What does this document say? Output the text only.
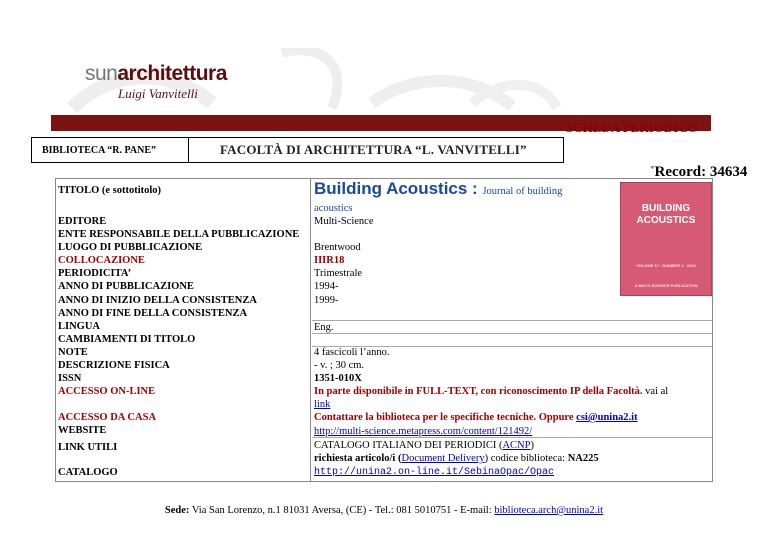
sunarchitettura
Luigi Vanvitelli
SCHEDA PERIODICO
BIBLIOTECA “R. PANE”	FACOLTÀ DI ARCHITETTURA “L. VANVITELLI”
*Record: 34634
TITOLO (e sottotitolo)
EDITORE
ENTE RESPONSABILE DELLA PUBBLICAZIONE
LUOGO DI PUBBLICAZIONE
COLLOCAZIONE
PERIODICITA’
ANNO DI PUBBLICAZIONE
ANNO DI INIZIO DELLA CONSISTENZA
ANNO DI FINE DELLA CONSISTENZA
LINGUA
CAMBIAMENTI DI TITOLO
NOTE
DESCRIZIONE FISICA
ISSN
ACCESSO ON-LINE
ACCESSO DA CASA
WEBSITE
LINK UTILI
CATALOGO
Building Acoustics : Journal of building
acoustics
Multi-Science
Brentwood
IIIR18
Trimestrale
1994-
1999-
Eng.
4 fascicoli l’anno.
- v. ; 30 cm.
1351-010X
In parte disponibile in FULL-TEXT, con riconoscimento IP della Facoltà. vai al
link
Contattare la biblioteca per le specifiche tecniche. Oppure csi@unina2.it
http://multi-science.metapress.com/content/121492/
CATALOGO ITALIANO DEI PERIODICI (ACNP)
richiesta articolo/i (Document Delivery) codice biblioteca: NA225
http://unina2.on-line.it/SebinaOpac/Opac
BUILDING
ACOUSTICS
VOLUME 17 · NUMBER 1 · 2010
A MULTI-SCIENCE PUBLICATION
Sede: Via San Lorenzo, n.1 81031 Aversa, (CE) - Tel.: 081 5010751 - E-mail: biblioteca.arch@unina2.it
